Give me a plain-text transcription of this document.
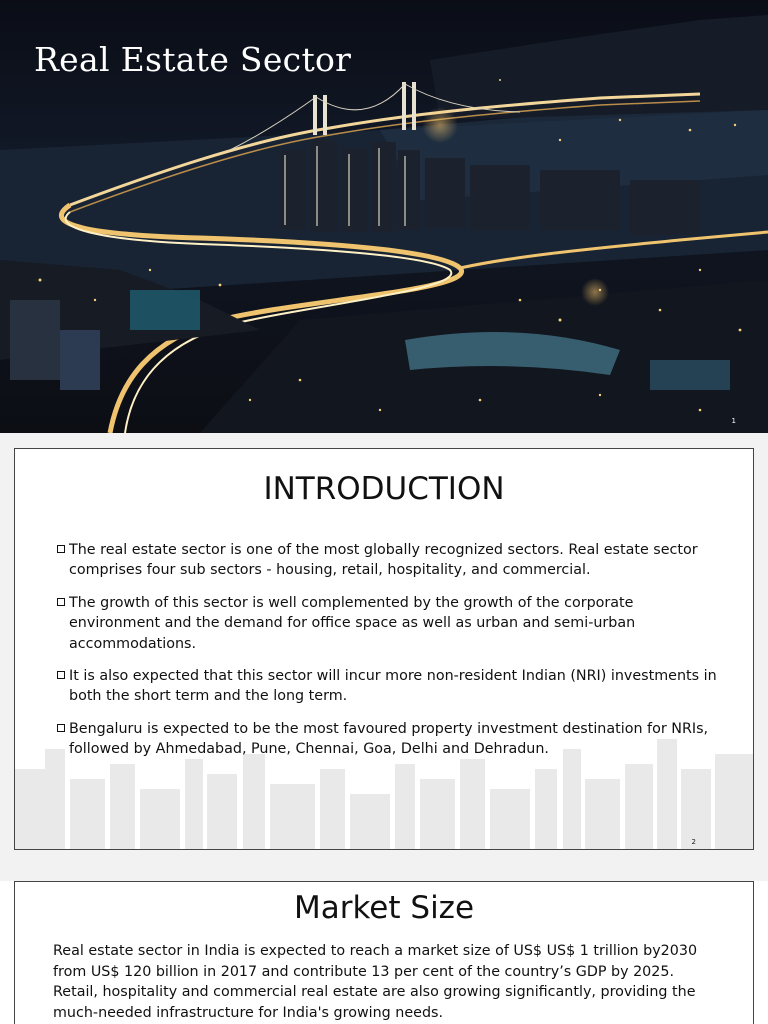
Real Estate Sector
1
INTRODUCTION
The real estate sector is one of the most globally recognized sectors. Real estate sector comprises four sub sectors - housing, retail, hospitality, and commercial.
The growth of this sector is well complemented by the growth of the corporate environment and the demand for office space as well as urban and semi-urban accommodations.
It is also expected that this sector will incur more non-resident Indian (NRI) investments in both the short term and the long term.
Bengaluru is expected to be the most favoured property investment destination for NRIs, followed by Ahmedabad, Pune, Chennai, Goa, Delhi and Dehradun.
2
Market Size
Real estate sector in India is expected to reach a market size of US$ US$ 1 trillion by2030 from US$ 120 billion in 2017 and contribute 13 per cent of the country’s GDP by 2025. Retail, hospitality and commercial real estate are also growing significantly, providing the much-needed infrastructure for India's growing needs.
